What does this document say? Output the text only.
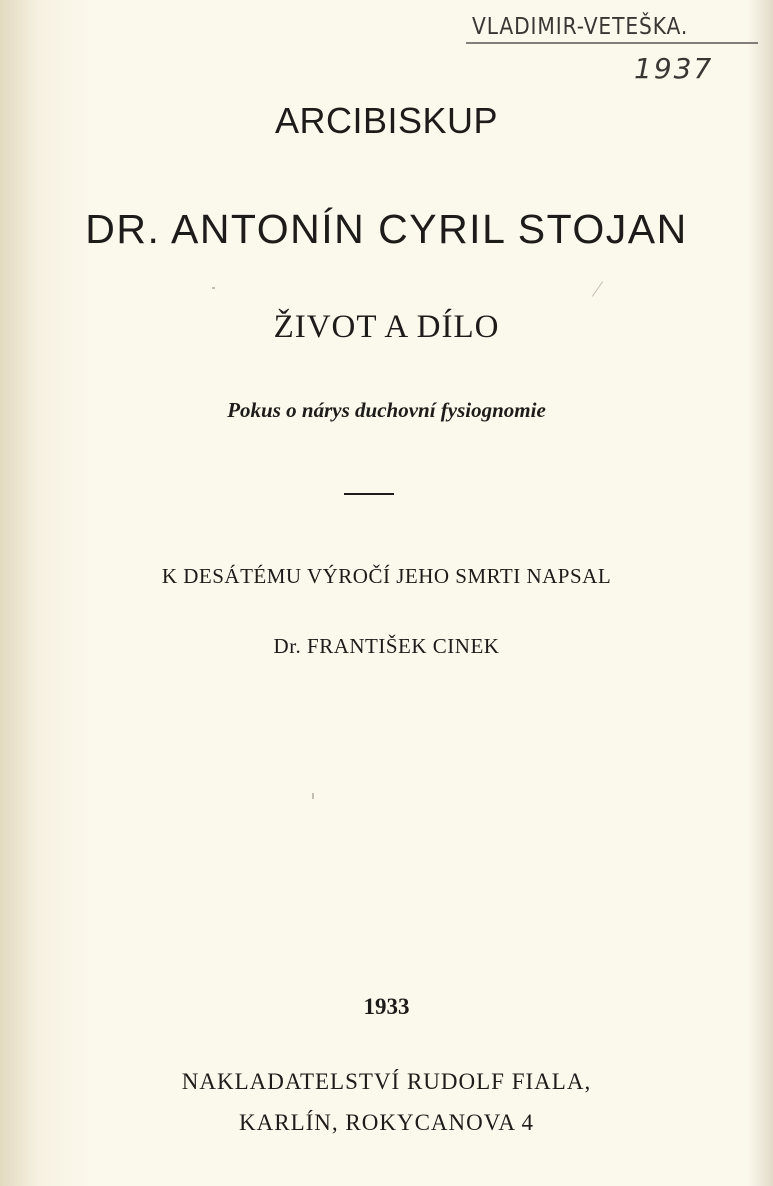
VLADIMIR-VETEŠKA.
1937
ARCIBISKUP
DR. ANTONÍN CYRIL STOJAN
ŽIVOT A DÍLO
Pokus o nárys duchovní fysiognomie
K DESÁTÉMU VÝROČÍ JEHO SMRTI NAPSAL
Dr. FRANTIŠEK CINEK
1933
NAKLADATELSTVÍ RUDOLF FIALA,
KARLÍN, ROKYCANOVA 4
